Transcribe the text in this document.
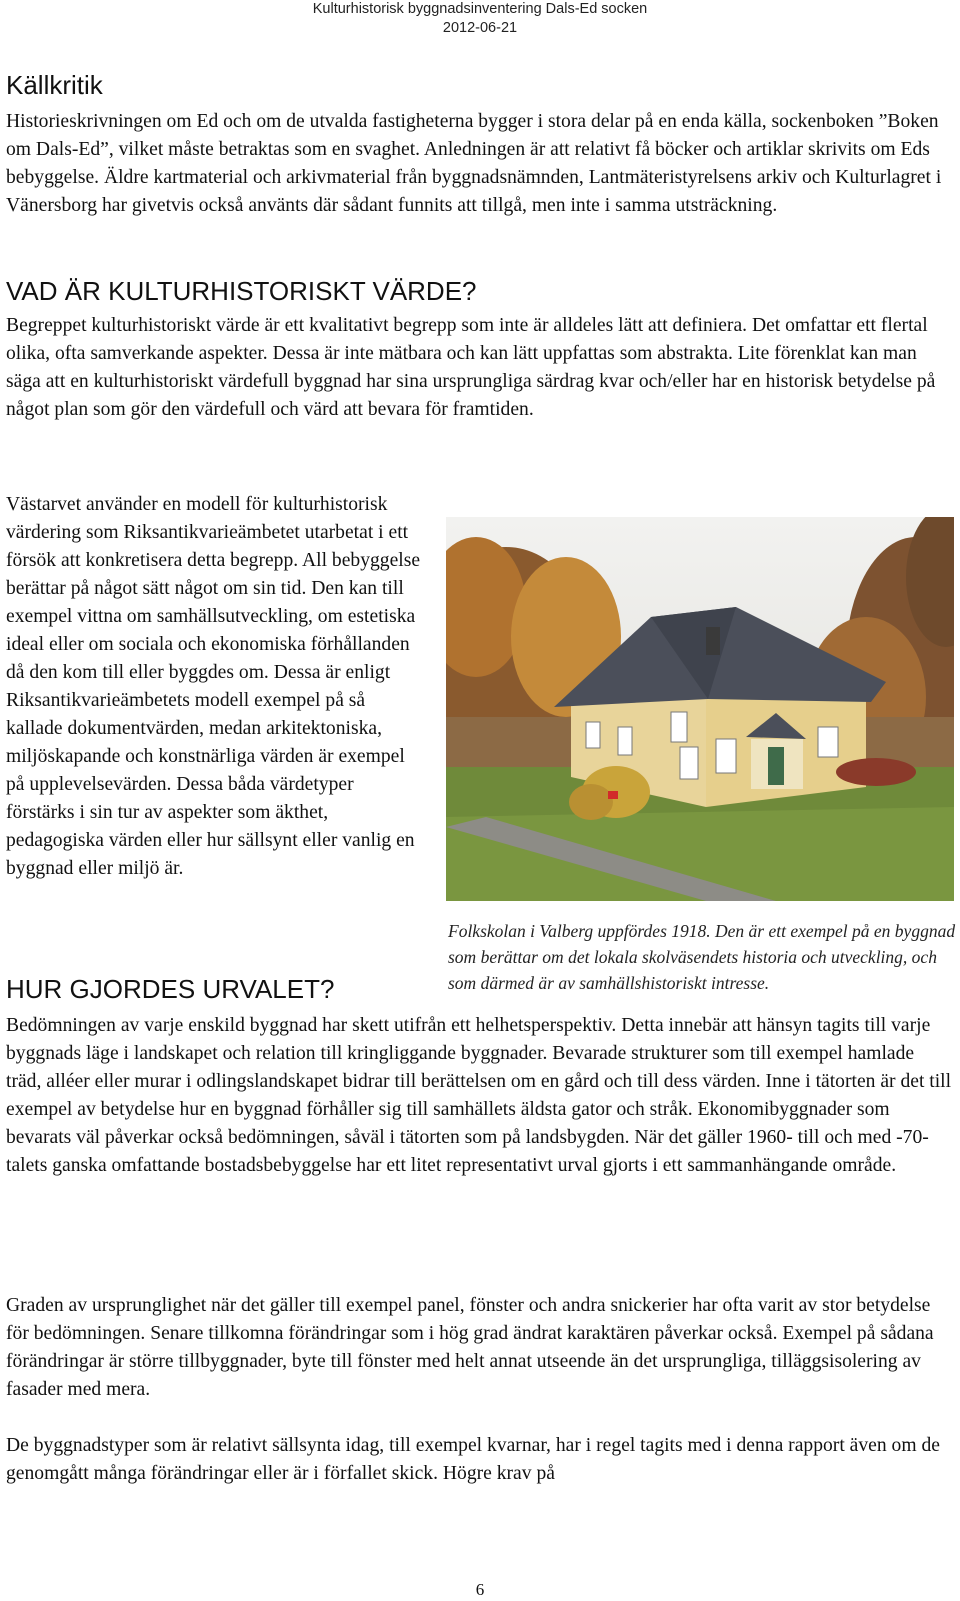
Kulturhistorisk byggnadsinventering Dals-Ed socken
2012-06-21
Källkritik

Historieskrivningen om Ed och om de utvalda fastigheterna bygger i stora delar på en enda källa, sockenboken ”Boken om Dals-Ed”, vilket måste betraktas som en svaghet. Anledningen är att relativt få böcker och artiklar skrivits om Eds bebyggelse. Äldre kartmaterial och arkivmaterial från byggnadsnämnden, Lantmäteristyrelsens arkiv och Kulturlagret i Vänersborg har givetvis också använts där sådant funnits att tillgå, men inte i samma utsträckning.

VAD ÄR KULTURHISTORISKT VÄRDE?

Begreppet kulturhistoriskt värde är ett kvalitativt begrepp som inte är alldeles lätt att definiera. Det omfattar ett flertal olika, ofta samverkande aspekter. Dessa är inte mätbara och kan lätt uppfattas som abstrakta. Lite förenklat kan man säga att en kulturhistoriskt värdefull byggnad har sina ursprungliga särdrag kvar och/eller har en historisk betydelse på något plan som gör den värdefull och värd att bevara för framtiden.

Västarvet använder en modell för kulturhistorisk värdering som Riksantikvarieämbetet utarbetat i ett försök att konkretisera detta begrepp. All bebyggelse berättar på något sätt något om sin tid. Den kan till exempel vittna om samhällsutveckling, om estetiska ideal eller om sociala och ekonomiska förhållanden då den kom till eller byggdes om. Dessa är enligt Riksantikvarieämbetets modell exempel på så kallade dokumentvärden, medan arkitektoniska, miljöskapande och konstnärliga värden är exempel på upplevelsevärden. Dessa båda värdetyper förstärks i sin tur av aspekter som äkthet, pedagogiska värden eller hur sällsynt eller vanlig en byggnad eller miljö är.

Folkskolan i Valberg uppfördes 1918. Den är ett exempel på en byggnad som berättar om det lokala skolväsendets historia och utveckling, och som därmed är av samhällshistoriskt intresse.

HUR GJORDES URVALET?

Bedömningen av varje enskild byggnad har skett utifrån ett helhetsperspektiv. Detta innebär att hänsyn tagits till varje byggnads läge i landskapet och relation till kringliggande byggnader. Bevarade strukturer som till exempel hamlade träd, alléer eller murar i odlingslandskapet bidrar till berättelsen om en gård och till dess värden. Inne i tätorten är det till exempel av betydelse hur en byggnad förhåller sig till samhällets äldsta gator och stråk. Ekonomibyggnader som bevarats väl påverkar också bedömningen, såväl i tätorten som på landsbygden. När det gäller 1960- till och med -70-talets ganska omfattande bostadsbebyggelse har ett litet representativt urval gjorts i ett sammanhängande område.

Graden av ursprunglighet när det gäller till exempel panel, fönster och andra snickerier har ofta varit av stor betydelse för bedömningen. Senare tillkomna förändringar som i hög grad ändrat karaktären påverkar också. Exempel på sådana förändringar är större tillbyggnader, byte till fönster med helt annat utseende än det ursprungliga, tilläggsisolering av fasader med mera.

De byggnadstyper som är relativt sällsynta idag, till exempel kvarnar, har i regel tagits med i denna rapport även om de genomgått många förändringar eller är i förfallet skick. Högre krav på

6
